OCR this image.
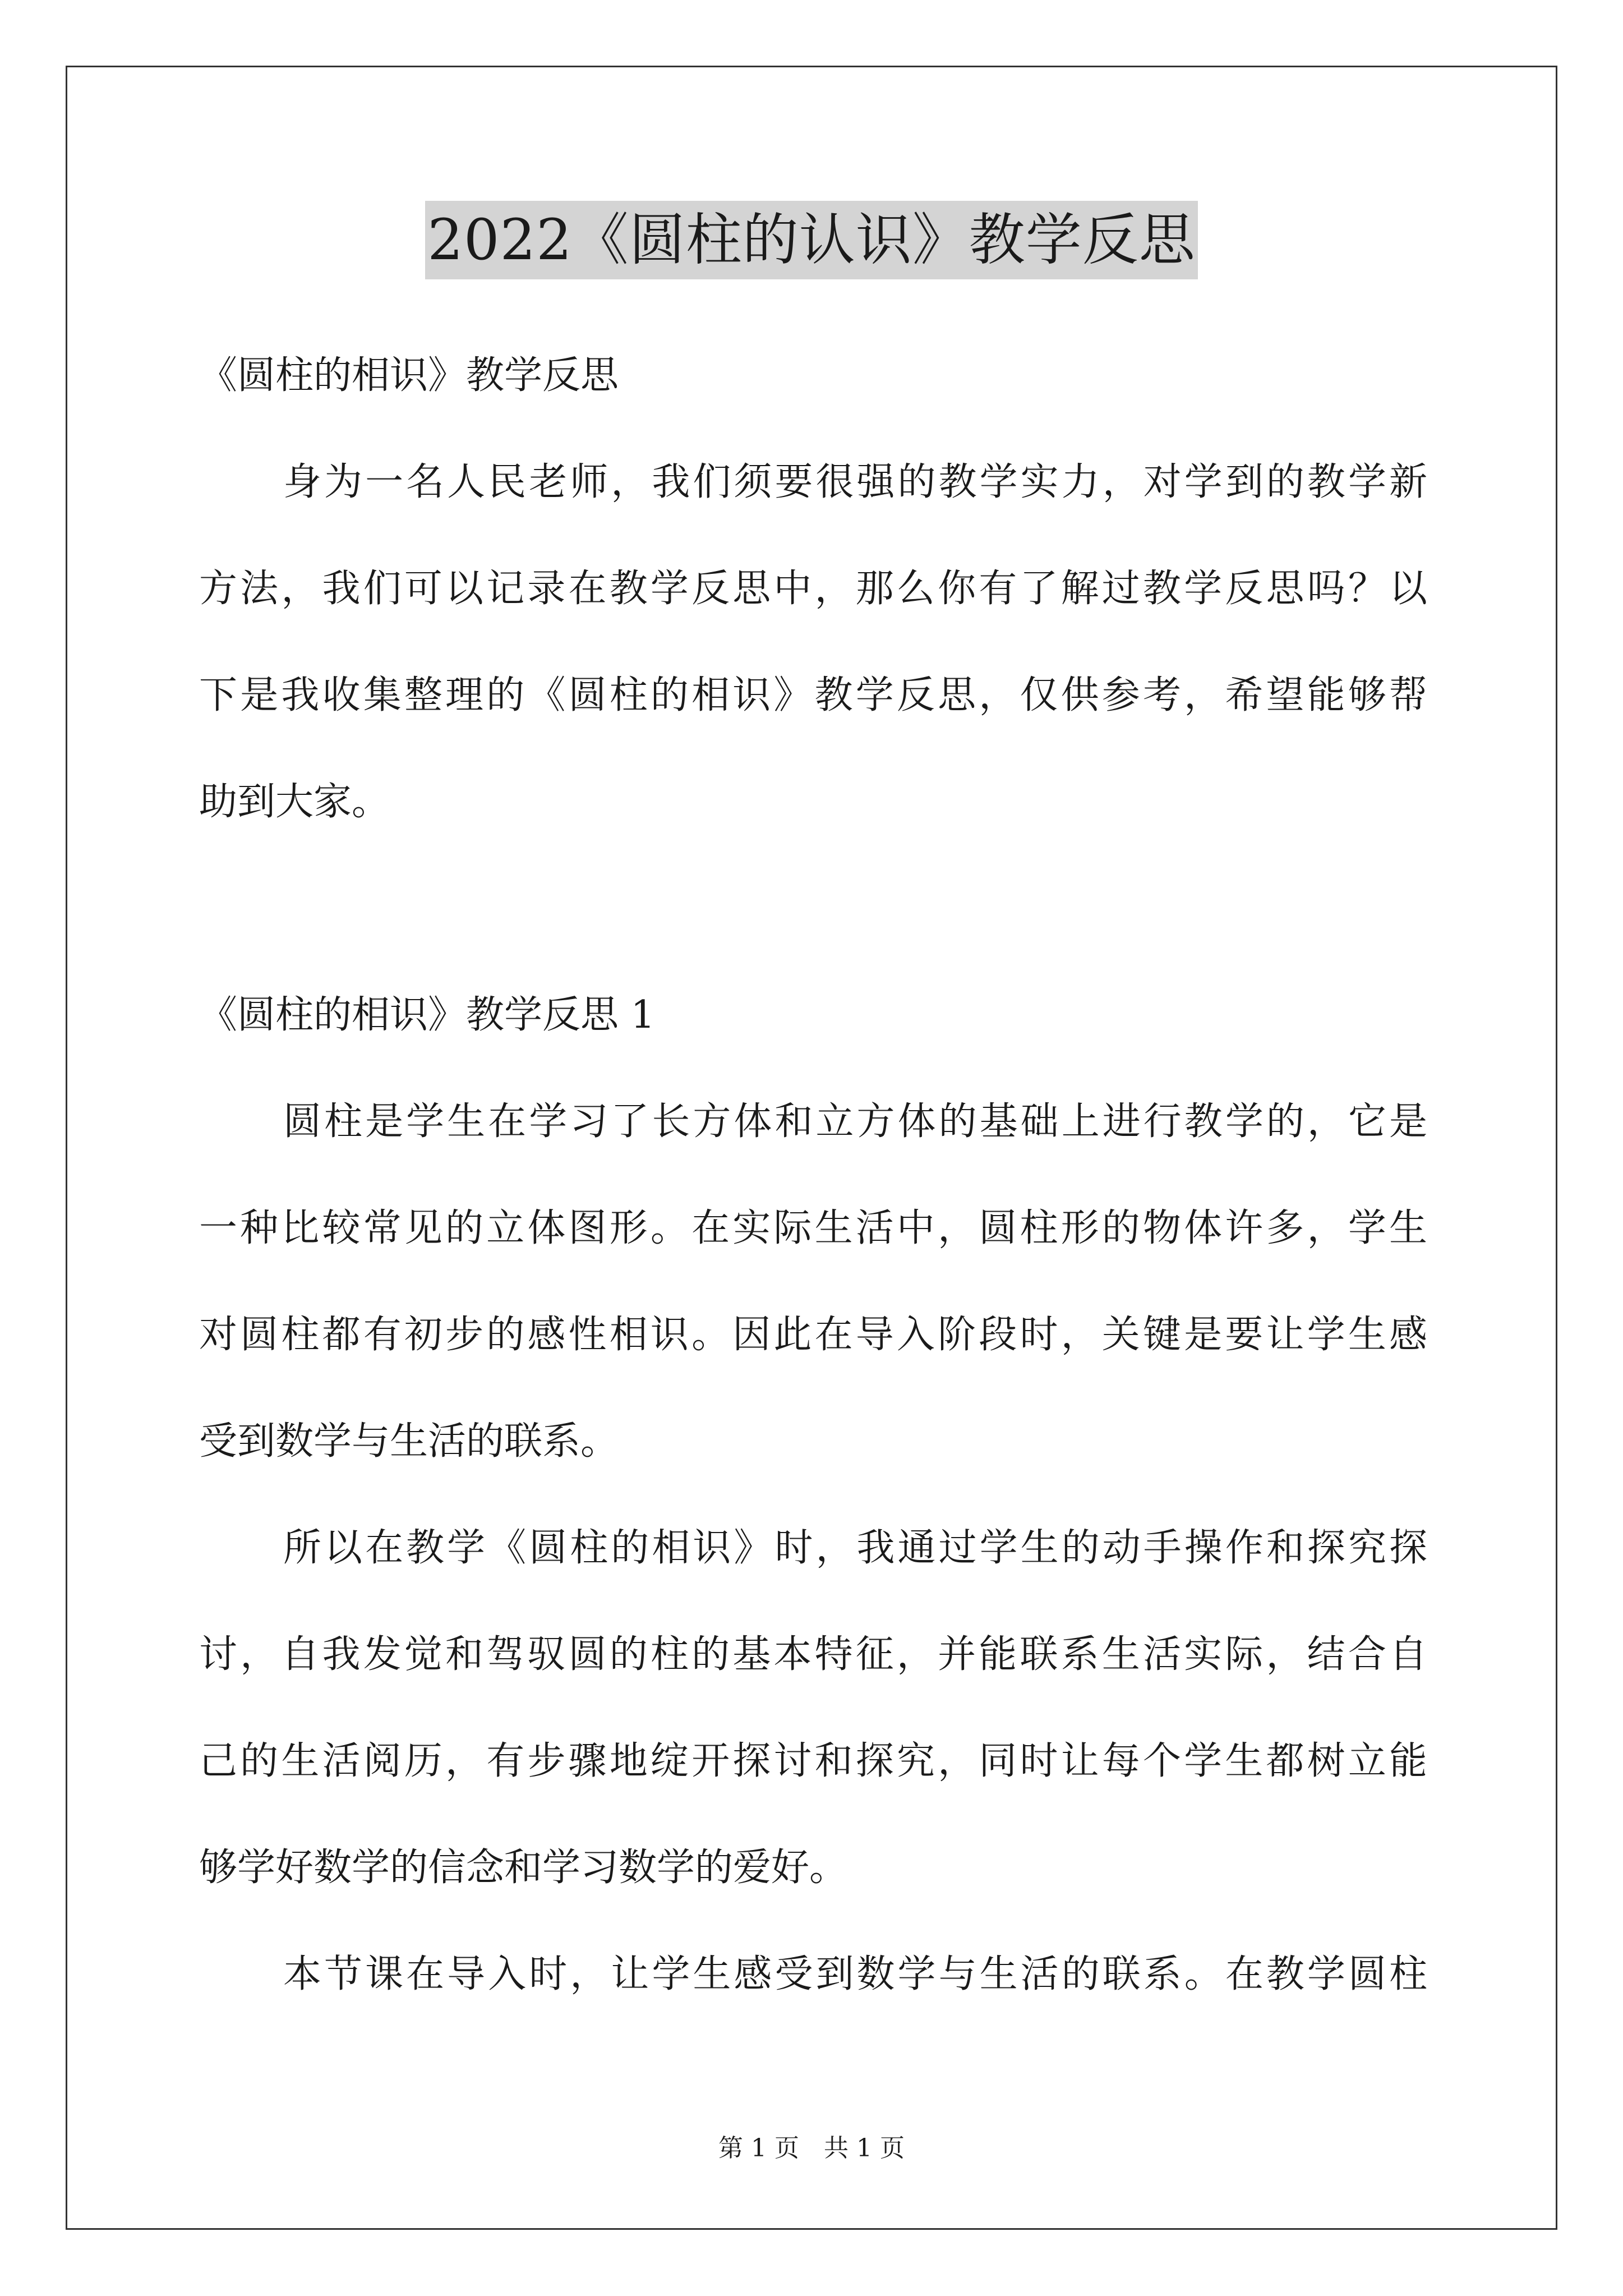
2022《圆柱的认识》教学反思
《圆柱的相识》教学反思
身为一名人民老师，我们须要很强的教学实力，对学到的教学新
方法，我们可以记录在教学反思中，那么你有了解过教学反思吗？以
下是我收集整理的《圆柱的相识》教学反思，仅供参考，希望能够帮
助到大家。
《圆柱的相识》教学反思 1
圆柱是学生在学习了长方体和立方体的基础上进行教学的，它是
一种比较常见的立体图形。在实际生活中，圆柱形的物体许多，学生
对圆柱都有初步的感性相识。因此在导入阶段时，关键是要让学生感
受到数学与生活的联系。
所以在教学《圆柱的相识》时，我通过学生的动手操作和探究探
讨，自我发觉和驾驭圆的柱的基本特征，并能联系生活实际，结合自
己的生活阅历，有步骤地绽开探讨和探究，同时让每个学生都树立能
够学好数学的信念和学习数学的爱好。
本节课在导入时，让学生感受到数学与生活的联系。在教学圆柱
第 1 页　共 1 页
